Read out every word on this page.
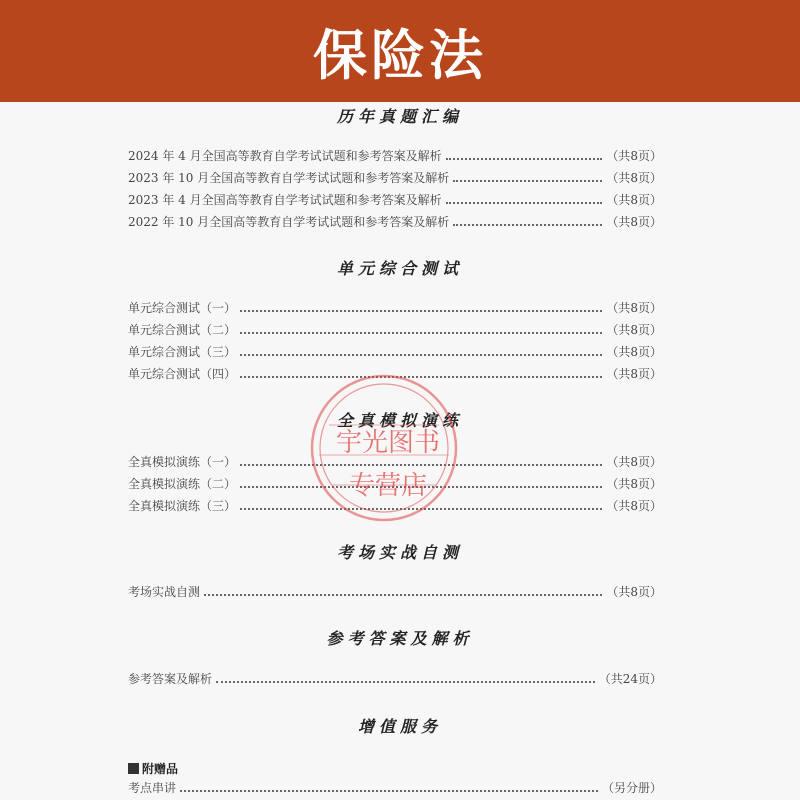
保险法
历年真题汇编
2024 年 4 月全国高等教育自学考试试题和参考答案及解析	（共8页）
2023 年 10 月全国高等教育自学考试试题和参考答案及解析	（共8页）
2023 年 4 月全国高等教育自学考试试题和参考答案及解析	（共8页）
2022 年 10 月全国高等教育自学考试试题和参考答案及解析	（共8页）
单元综合测试
单元综合测试（一）	（共8页）
单元综合测试（二）	（共8页）
单元综合测试（三）	（共8页）
单元综合测试（四）	（共8页）
全真模拟演练
全真模拟演练（一）	（共8页）
全真模拟演练（二）	（共8页）
全真模拟演练（三）	（共8页）
考场实战自测
考场实战自测	（共8页）
参考答案及解析
参考答案及解析	（共24页）
增值服务
附赠品
考点串讲	（另分册）
宇光图书
专营店
